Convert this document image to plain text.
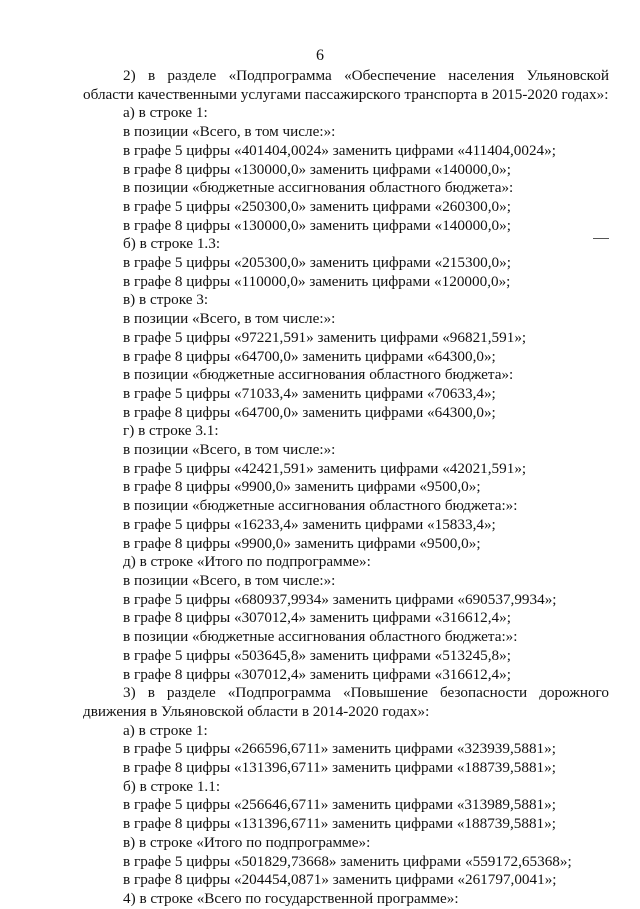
6
2) в разделе «Подпрограмма «Обеспечение населения Ульяновской
области качественными услугами пассажирского транспорта в 2015-2020 годах»:
а) в строке 1:
в позиции «Всего, в том числе:»:
в графе 5 цифры «401404,0024» заменить цифрами «411404,0024»;
в графе 8 цифры «130000,0» заменить цифрами «140000,0»;
в позиции «бюджетные ассигнования областного бюджета»:
в графе 5 цифры «250300,0» заменить цифрами «260300,0»;
в графе 8 цифры «130000,0» заменить цифрами «140000,0»;
б) в строке 1.3:
в графе 5 цифры «205300,0» заменить цифрами «215300,0»;
в графе 8 цифры «110000,0» заменить цифрами «120000,0»;
в) в строке 3:
в позиции «Всего, в том числе:»:
в графе 5 цифры «97221,591» заменить цифрами «96821,591»;
в графе 8 цифры «64700,0» заменить цифрами «64300,0»;
в позиции «бюджетные ассигнования областного бюджета»:
в графе 5 цифры «71033,4» заменить цифрами «70633,4»;
в графе 8 цифры «64700,0» заменить цифрами «64300,0»;
г) в строке 3.1:
в позиции «Всего, в том числе:»:
в графе 5 цифры «42421,591» заменить цифрами «42021,591»;
в графе 8 цифры «9900,0» заменить цифрами «9500,0»;
в позиции «бюджетные ассигнования областного бюджета:»:
в графе 5 цифры «16233,4» заменить цифрами «15833,4»;
в графе 8 цифры «9900,0» заменить цифрами «9500,0»;
д) в строке «Итого по подпрограмме»:
в позиции «Всего, в том числе:»:
в графе 5 цифры «680937,9934» заменить цифрами «690537,9934»;
в графе 8 цифры «307012,4» заменить цифрами «316612,4»;
в позиции «бюджетные ассигнования областного бюджета:»:
в графе 5 цифры «503645,8» заменить цифрами «513245,8»;
в графе 8 цифры «307012,4» заменить цифрами «316612,4»;
3) в разделе «Подпрограмма «Повышение безопасности дорожного
движения в Ульяновской области в 2014-2020 годах»:
а) в строке 1:
в графе 5 цифры «266596,6711» заменить цифрами «323939,5881»;
в графе 8 цифры «131396,6711» заменить цифрами «188739,5881»;
б) в строке 1.1:
в графе 5 цифры «256646,6711» заменить цифрами «313989,5881»;
в графе 8 цифры «131396,6711» заменить цифрами «188739,5881»;
в) в строке «Итого по подпрограмме»:
в графе 5 цифры «501829,73668» заменить цифрами «559172,65368»;
в графе 8 цифры «204454,0871» заменить цифрами «261797,0041»;
4) в строке «Всего по государственной программе»:
